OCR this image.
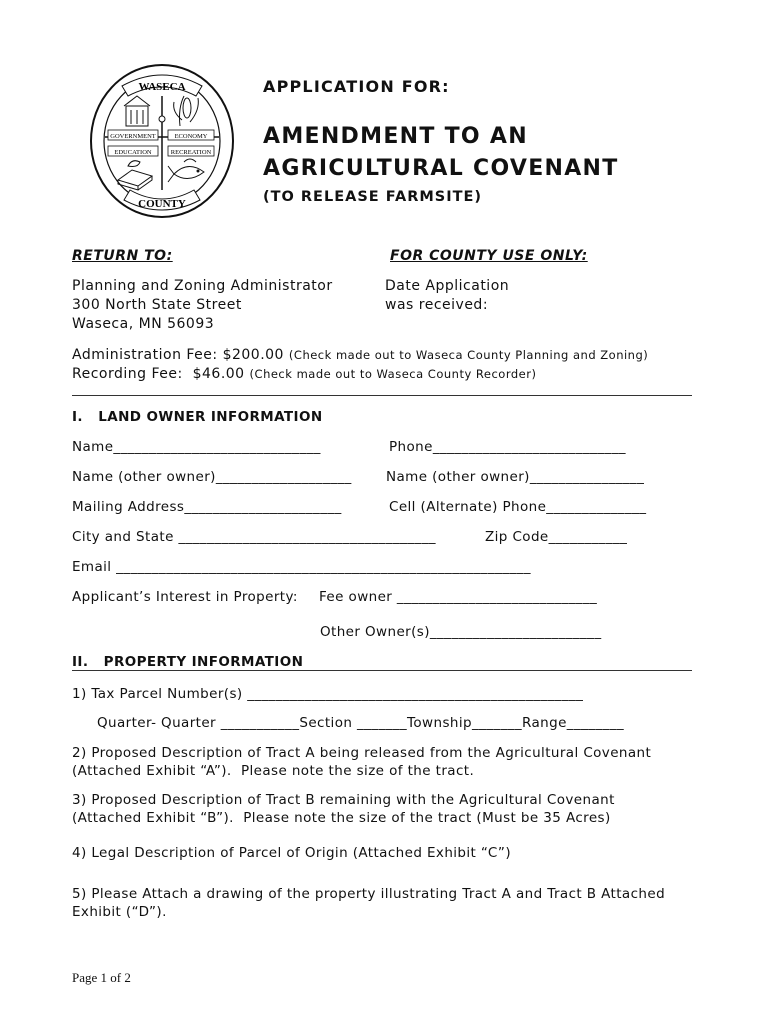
WASECA
COUNTY
GOVERNMENT	ECONOMY
EDUCATION	RECREATION
APPLICATION FOR:
AMENDMENT TO AN
AGRICULTURAL COVENANT
(TO RELEASE FARMSITE)
RETURN TO:	FOR COUNTY USE ONLY:
Planning and Zoning Administrator
300 North State Street
Waseca, MN 56093
Date Application
was received:
Administration Fee: $200.00 (Check made out to Waseca County Planning and Zoning)
Recording Fee:  $46.00 (Check made out to Waseca County Recorder)
I.   LAND OWNER INFORMATION
Name_____________________________	Phone___________________________
Name (other owner)___________________	Name (other owner)________________
Mailing Address______________________	Cell (Alternate) Phone______________
City and State ____________________________________	Zip Code___________
Email __________________________________________________________
Applicant’s Interest in Property: Fee owner ____________________________
Other Owner(s)________________________
II.   PROPERTY INFORMATION
1) Tax Parcel Number(s) _______________________________________________
Quarter- Quarter ___________Section _______Township_______Range________
2) Proposed Description of Tract A being released from the Agricultural Covenant
(Attached Exhibit “A”).  Please note the size of the tract.
3) Proposed Description of Tract B remaining with the Agricultural Covenant
(Attached Exhibit “B”).  Please note the size of the tract (Must be 35 Acres)
4) Legal Description of Parcel of Origin (Attached Exhibit “C”)
5) Please Attach a drawing of the property illustrating Tract A and Tract B Attached
Exhibit (“D”).
Page 1 of 2
